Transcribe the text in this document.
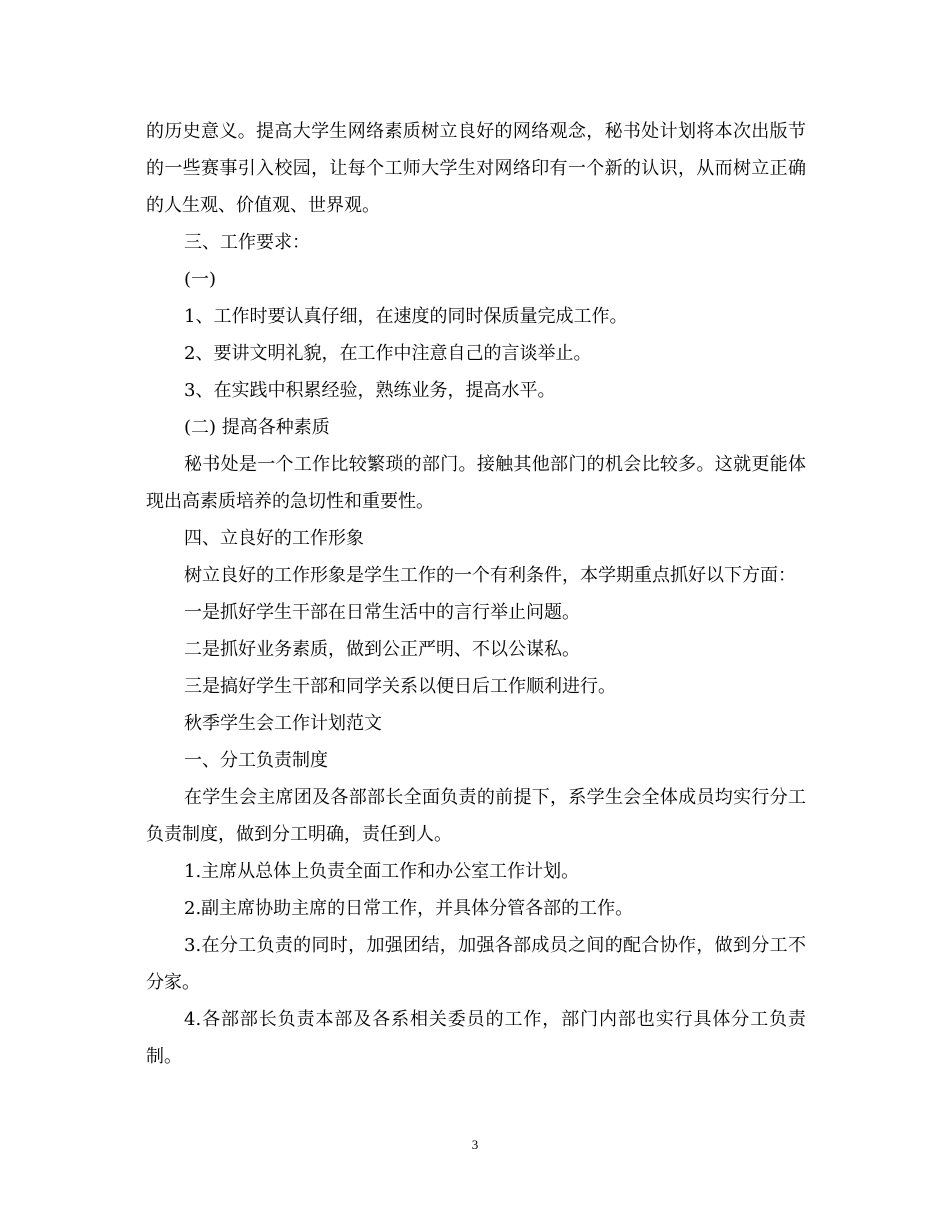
的历史意义。提高大学生网络素质树立良好的网络观念，秘书处计划将本次出版节的一些赛事引入校园，让每个工师大学生对网络印有一个新的认识，从而树立正确的人生观、价值观、世界观。

三、工作要求：

(一)

1、工作时要认真仔细，在速度的同时保质量完成工作。

2、要讲文明礼貌，在工作中注意自己的言谈举止。

3、在实践中积累经验，熟练业务，提高水平。

(二) 提高各种素质

秘书处是一个工作比较繁琐的部门。接触其他部门的机会比较多。这就更能体现出高素质培养的急切性和重要性。

四、立良好的工作形象

树立良好的工作形象是学生工作的一个有利条件，本学期重点抓好以下方面：

一是抓好学生干部在日常生活中的言行举止问题。

二是抓好业务素质，做到公正严明、不以公谋私。

三是搞好学生干部和同学关系以便日后工作顺利进行。

秋季学生会工作计划范文

一、分工负责制度

在学生会主席团及各部部长全面负责的前提下，系学生会全体成员均实行分工负责制度，做到分工明确，责任到人。

1.主席从总体上负责全面工作和办公室工作计划。

2.副主席协助主席的日常工作，并具体分管各部的工作。

3.在分工负责的同时，加强团结，加强各部成员之间的配合协作，做到分工不分家。

4.各部部长负责本部及各系相关委员的工作，部门内部也实行具体分工负责制。

3
